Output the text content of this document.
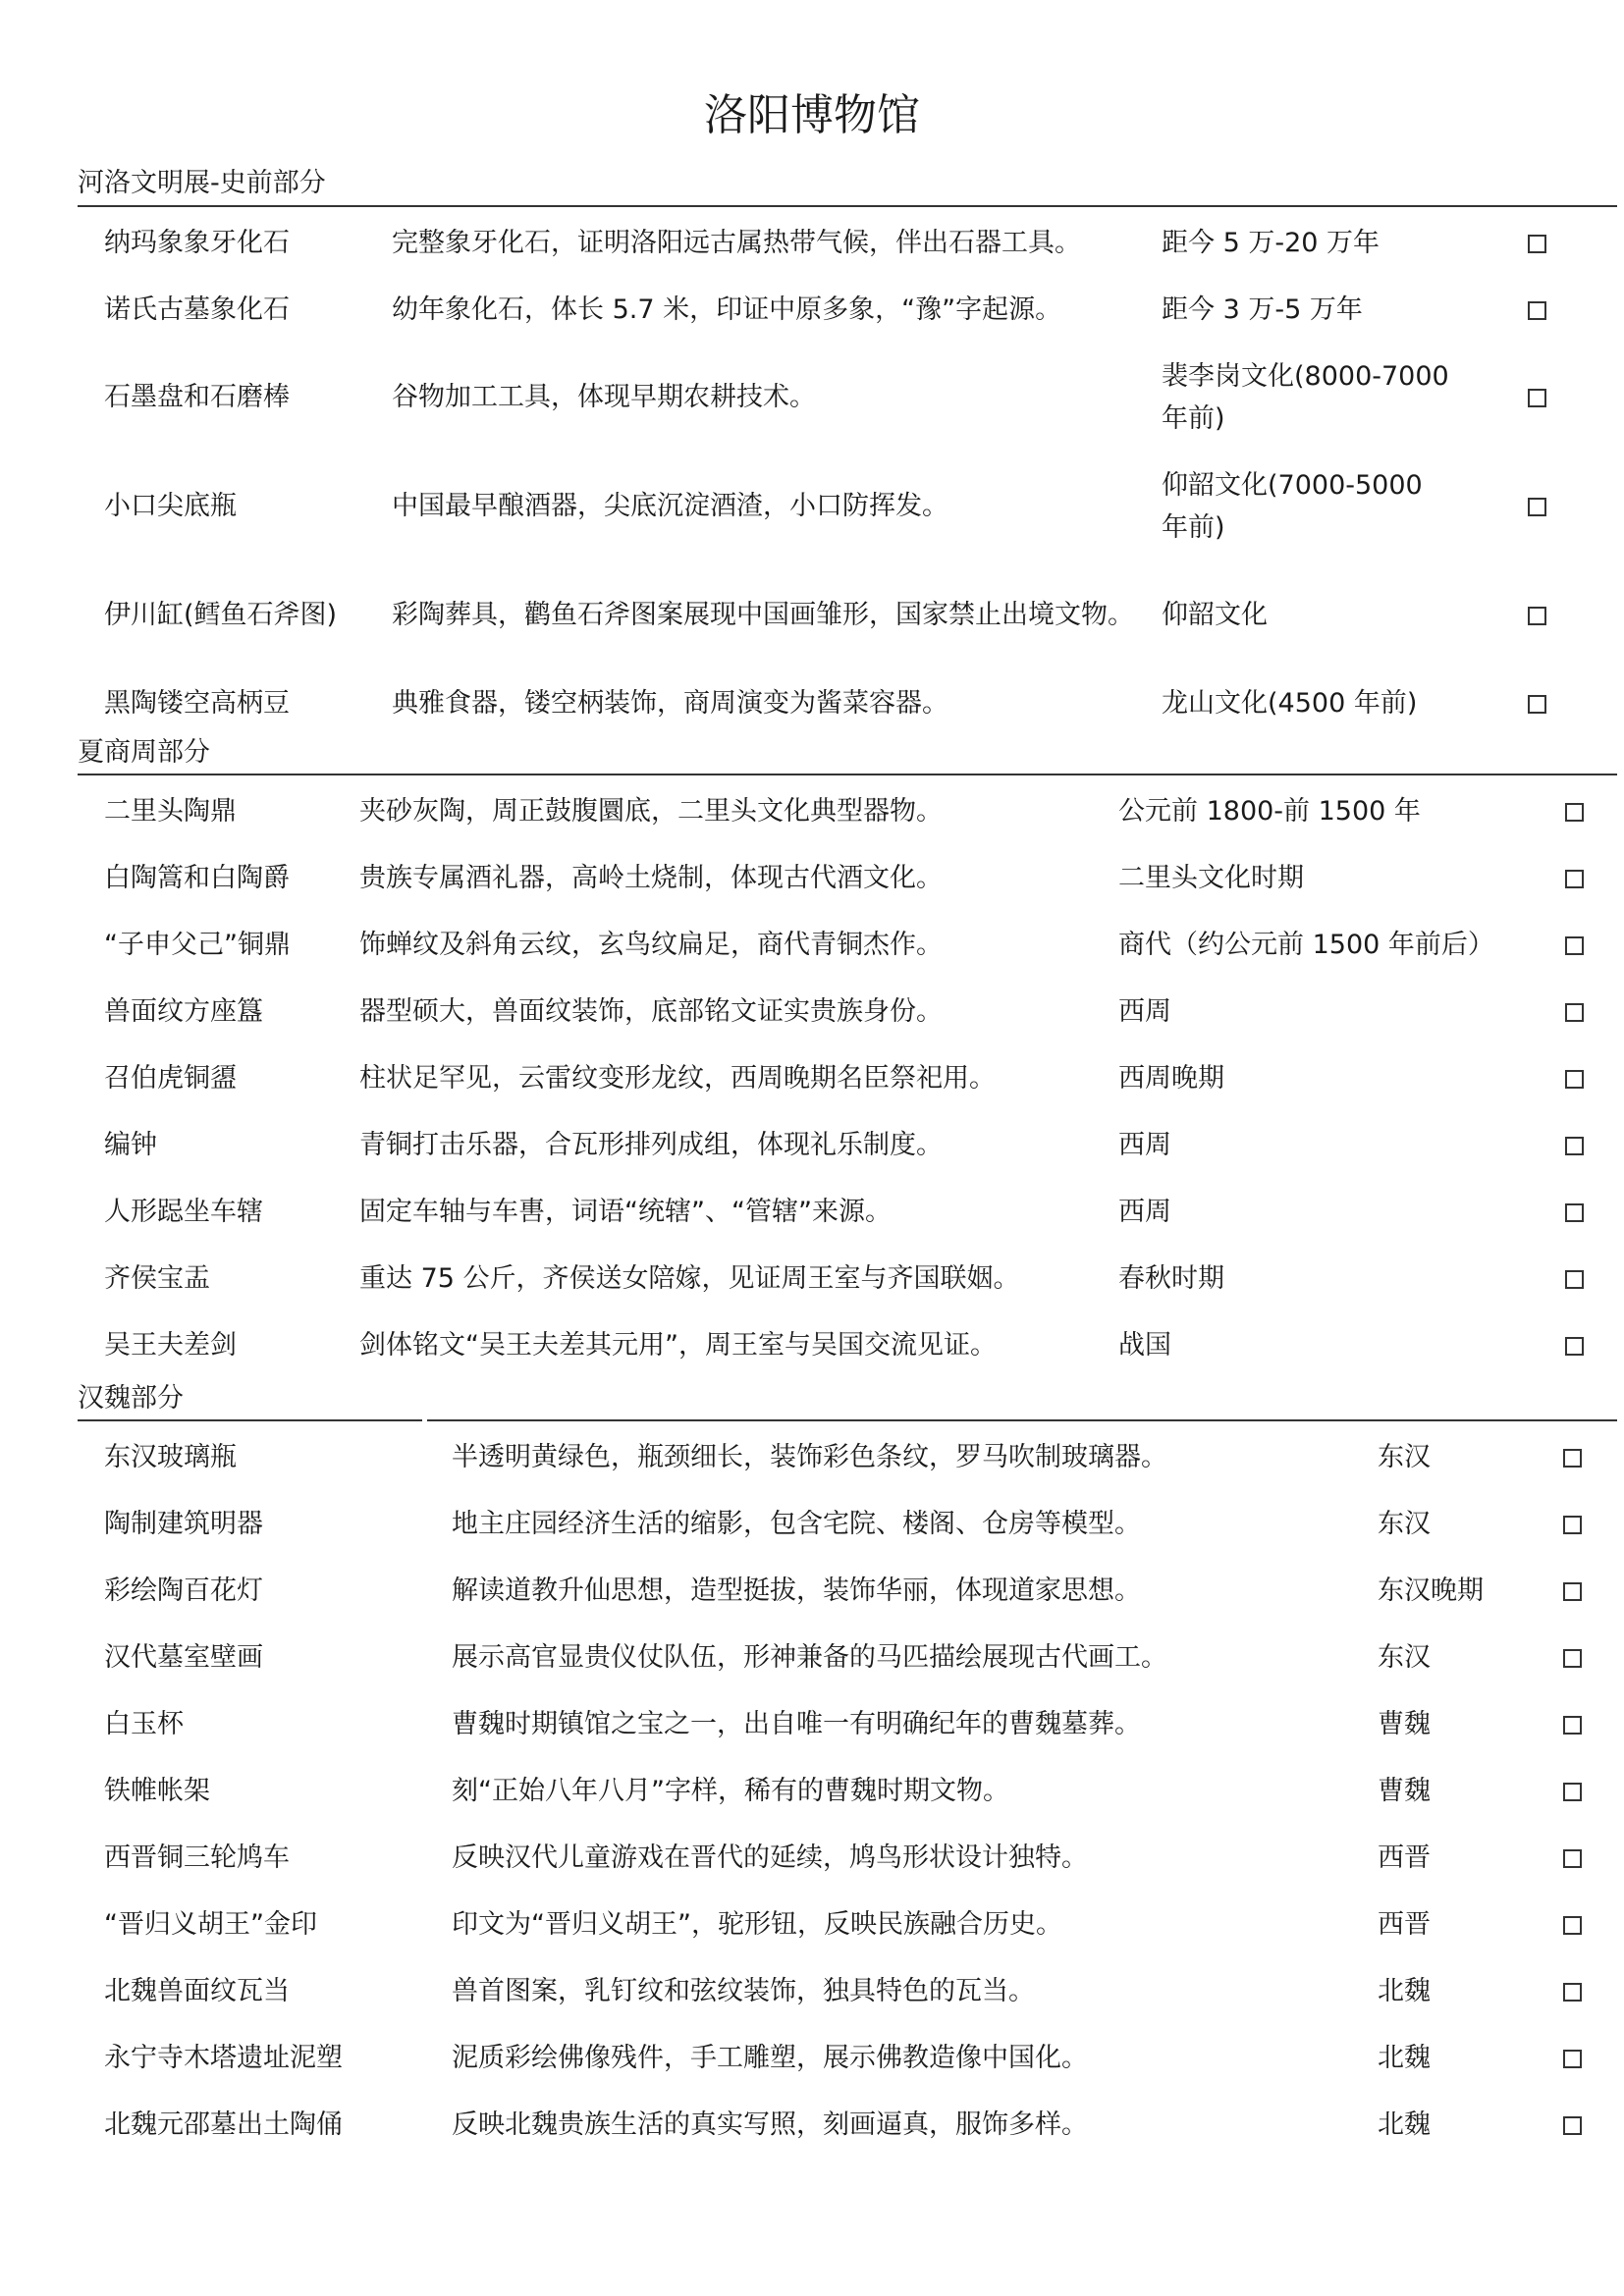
洛阳博物馆
河洛文明展-史前部分
纳玛象象牙化石	完整象牙化石，证明洛阳远古属热带气候，伴出石器工具。	距今 5 万-20 万年	
诺氏古墓象化石	幼年象化石，体长 5.7 米，印证中原多象，“豫”字起源。	距今 3 万-5 万年	
石墨盘和石磨棒	谷物加工工具，体现早期农耕技术。	裴李岗文化(8000-7000 年前)	
小口尖底瓶	中国最早酿酒器，尖底沉淀酒渣，小口防挥发。	仰韶文化(7000-5000 年前)	
伊川缸(鳕鱼石斧图)	彩陶葬具，鹳鱼石斧图案展现中国画雏形，国家禁止出境文物。	仰韶文化	
黑陶镂空高柄豆	典雅食器，镂空柄装饰，商周演变为酱菜容器。	龙山文化(4500 年前)	
夏商周部分
二里头陶鼎	夹砂灰陶，周正鼓腹圜底，二里头文化典型器物。	公元前 1800-前 1500 年	
白陶篙和白陶爵	贵族专属酒礼器，高岭土烧制，体现古代酒文化。	二里头文化时期	
“子申父己”铜鼎	饰蝉纹及斜角云纹，玄鸟纹扁足，商代青铜杰作。	商代（约公元前 1500 年前后）	
兽面纹方座簋	器型硕大，兽面纹装饰，底部铭文证实贵族身份。	西周	
召伯虎铜盨	柱状足罕见，云雷纹变形龙纹，西周晚期名臣祭祀用。	西周晚期	
编钟	青铜打击乐器，合瓦形排列成组，体现礼乐制度。	西周	
人形跽坐车辖	固定车轴与车軎，词语“统辖”、“管辖”来源。	西周	
齐侯宝盂	重达 75 公斤，齐侯送女陪嫁，见证周王室与齐国联姻。	春秋时期	
吴王夫差剑	剑体铭文“吴王夫差其元用”，周王室与吴国交流见证。	战国	
汉魏部分
东汉玻璃瓶	半透明黄绿色，瓶颈细长，装饰彩色条纹，罗马吹制玻璃器。	东汉	
陶制建筑明器	地主庄园经济生活的缩影，包含宅院、楼阁、仓房等模型。	东汉	
彩绘陶百花灯	解读道教升仙思想，造型挺拔，装饰华丽，体现道家思想。	东汉晚期	
汉代墓室壁画	展示高官显贵仪仗队伍，形神兼备的马匹描绘展现古代画工。	东汉	
白玉杯	曹魏时期镇馆之宝之一，出自唯一有明确纪年的曹魏墓葬。	曹魏	
铁帷帐架	刻“正始八年八月”字样，稀有的曹魏时期文物。	曹魏	
西晋铜三轮鸠车	反映汉代儿童游戏在晋代的延续，鸠鸟形状设计独特。	西晋	
“晋归义胡王”金印	印文为“晋归义胡王”，驼形钮，反映民族融合历史。	西晋	
北魏兽面纹瓦当	兽首图案，乳钉纹和弦纹装饰，独具特色的瓦当。	北魏	
永宁寺木塔遗址泥塑	泥质彩绘佛像残件，手工雕塑，展示佛教造像中国化。	北魏	
北魏元邵墓出土陶俑	反映北魏贵族生活的真实写照，刻画逼真，服饰多样。	北魏	
